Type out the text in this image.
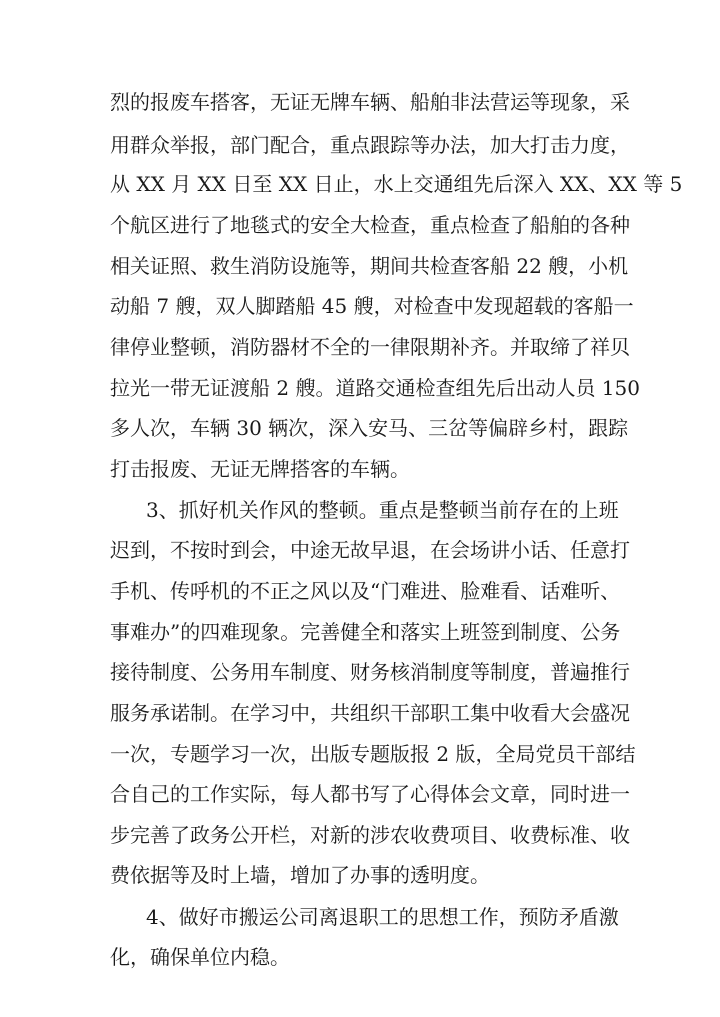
烈的报废车搭客，无证无牌车辆、船舶非法营运等现象，采
用群众举报，部门配合，重点跟踪等办法，加大打击力度，
从 XX 月 XX 日至 XX 日止，水上交通组先后深入 XX、XX 等 5
个航区进行了地毯式的安全大检查，重点检查了船舶的各种
相关证照、救生消防设施等，期间共检查客船 22 艘，小机
动船 7 艘，双人脚踏船 45 艘，对检查中发现超载的客船一
律停业整顿，消防器材不全的一律限期补齐。并取缔了祥贝
拉光一带无证渡船 2 艘。道路交通检查组先后出动人员 150
多人次，车辆 30 辆次，深入安马、三岔等偏辟乡村，跟踪
打击报废、无证无牌搭客的车辆。
3、抓好机关作风的整顿。重点是整顿当前存在的上班
迟到，不按时到会，中途无故早退，在会场讲小话、任意打
手机、传呼机的不正之风以及“门难进、脸难看、话难听、
事难办”的四难现象。完善健全和落实上班签到制度、公务
接待制度、公务用车制度、财务核消制度等制度，普遍推行
服务承诺制。在学习中，共组织干部职工集中收看大会盛况
一次，专题学习一次，出版专题版报 2 版，全局党员干部结
合自己的工作实际，每人都书写了心得体会文章，同时进一
步完善了政务公开栏，对新的涉农收费项目、收费标准、收
费依据等及时上墙，增加了办事的透明度。
4、做好市搬运公司离退职工的思想工作，预防矛盾激
化，确保单位内稳。
